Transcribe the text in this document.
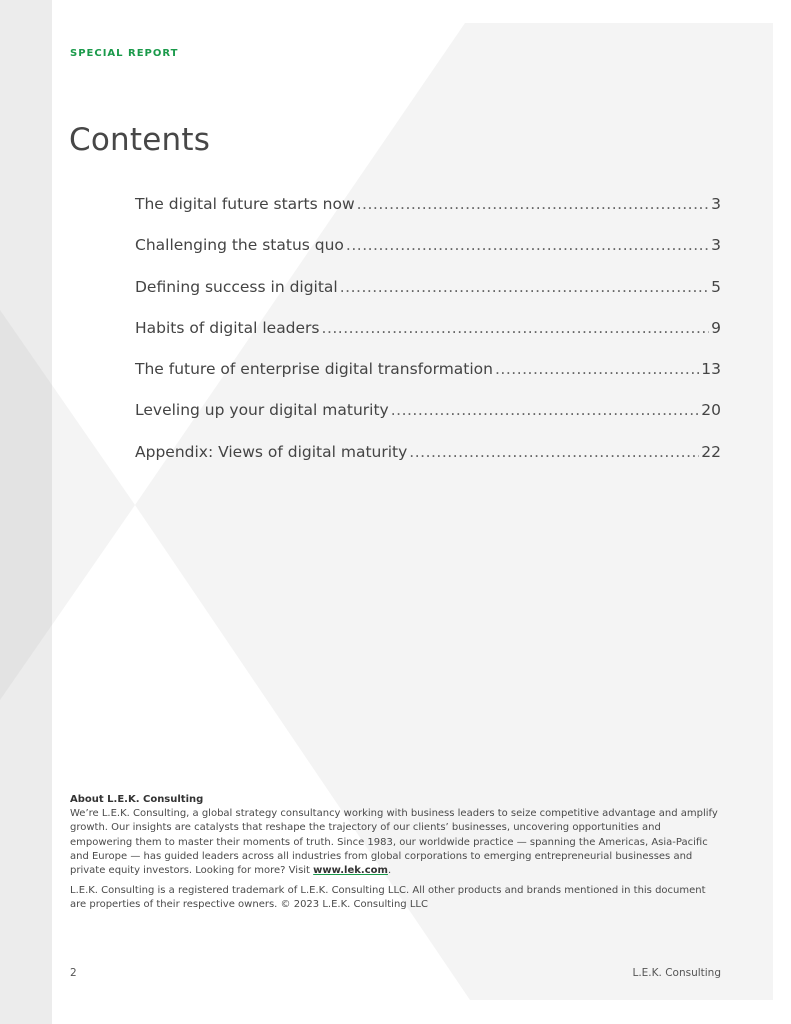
SPECIAL REPORT
Contents
The digital future starts now .....	3
Challenging the status quo .....	3
Defining success in digital .....	5
Habits of digital leaders .....	9
The future of enterprise digital transformation .....	13
Leveling up your digital maturity .....	20
Appendix: Views of digital maturity .....	22
About L.E.K. Consulting

We’re L.E.K. Consulting, a global strategy consultancy working with business leaders to seize competitive advantage and amplify growth. Our insights are catalysts that reshape the trajectory of our clients’ businesses, uncovering opportunities and empowering them to master their moments of truth. Since 1983, our worldwide practice — spanning the Americas, Asia-Pacific and Europe — has guided leaders across all industries from global corporations to emerging entrepreneurial businesses and private equity investors. Looking for more? Visit www.lek.com.

L.E.K. Consulting is a registered trademark of L.E.K. Consulting LLC. All other products and brands mentioned in this document are properties of their respective owners. © 2023 L.E.K. Consulting LLC

2	L.E.K. Consulting
